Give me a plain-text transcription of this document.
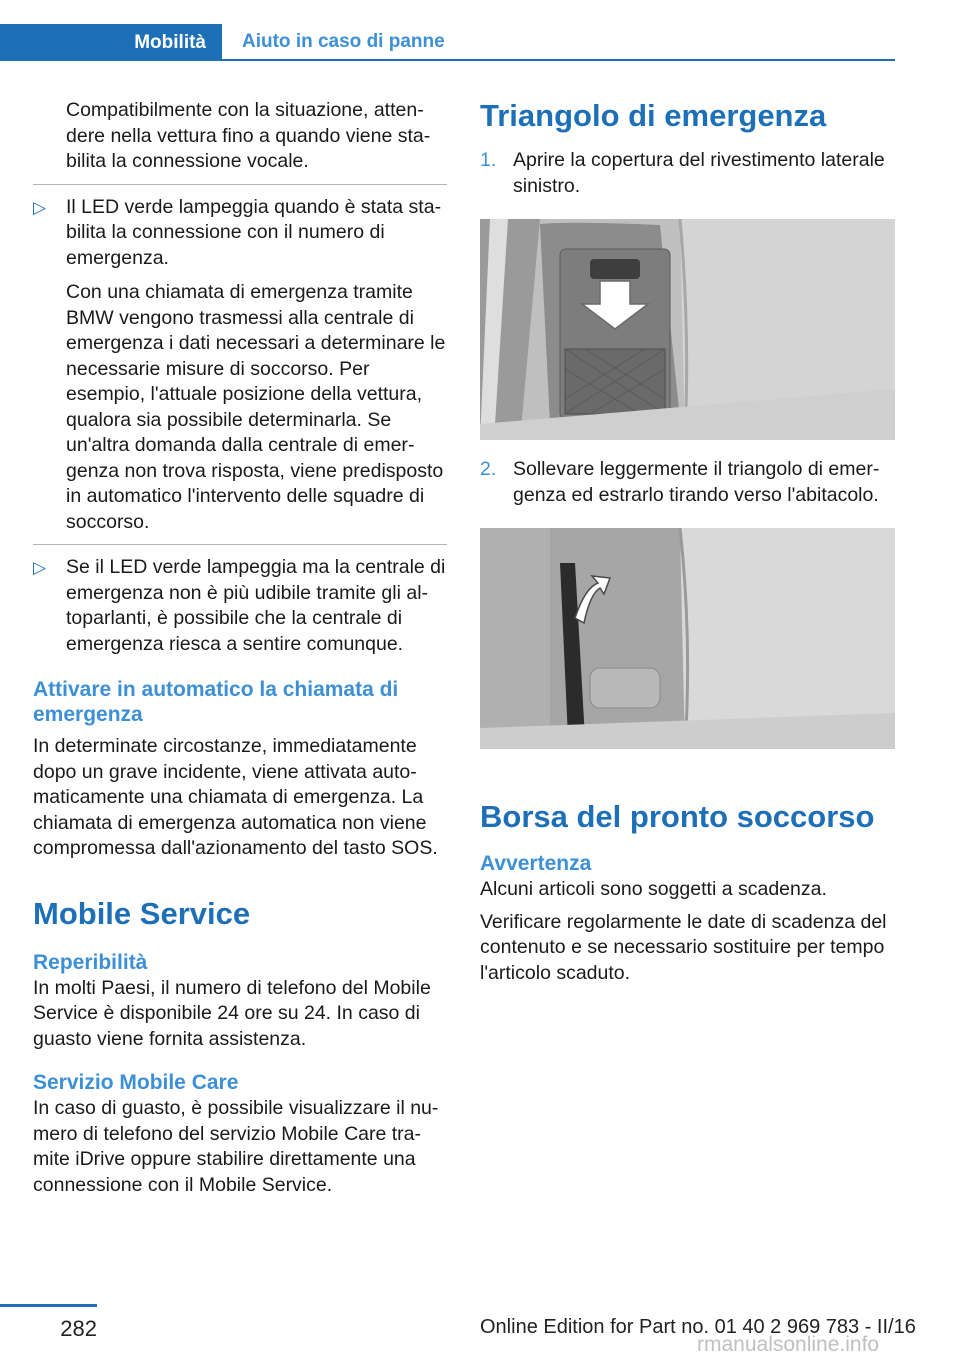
Mobilità	Aiuto in caso di panne

Compatibilmente con la situazione, attendere nella vettura fino a quando viene stabilita la connessione vocale.

▷ Il LED verde lampeggia quando è stata stabilita la connessione con il numero di emergenza.

Con una chiamata di emergenza tramite BMW vengono trasmessi alla centrale di emergenza i dati necessari a determinare le necessarie misure di soccorso. Per esempio, l'attuale posizione della vettura, qualora sia possibile determinarla. Se un'altra domanda dalla centrale di emergenza non trova risposta, viene predisposto in automatico l'intervento delle squadre di soccorso.

▷ Se il LED verde lampeggia ma la centrale di emergenza non è più udibile tramite gli altoparlanti, è possibile che la centrale di emergenza riesca a sentire comunque.

Attivare in automatico la chiamata di emergenza

In determinate circostanze, immediatamente dopo un grave incidente, viene attivata automaticamente una chiamata di emergenza. La chiamata di emergenza automatica non viene compromessa dall'azionamento del tasto SOS.

Mobile Service
Reperibilità

In molti Paesi, il numero di telefono del Mobile Service è disponibile 24 ore su 24. In caso di guasto viene fornita assistenza.

Servizio Mobile Care

In caso di guasto, è possibile visualizzare il numero di telefono del servizio Mobile Care tramite iDrive oppure stabilire direttamente una connessione con il Mobile Service.

Triangolo di emergenza
1. Aprire la copertura del rivestimento laterale sinistro.

2. Sollevare leggermente il triangolo di emergenza ed estrarlo tirando verso l'abitacolo.

Borsa del pronto soccorso
Avvertenza

Alcuni articoli sono soggetti a scadenza.

Verificare regolarmente le date di scadenza del contenuto e se necessario sostituire per tempo l'articolo scaduto.

282	Online Edition for Part no. 01 40 2 969 783 - II/16
rmanualsonline.info
